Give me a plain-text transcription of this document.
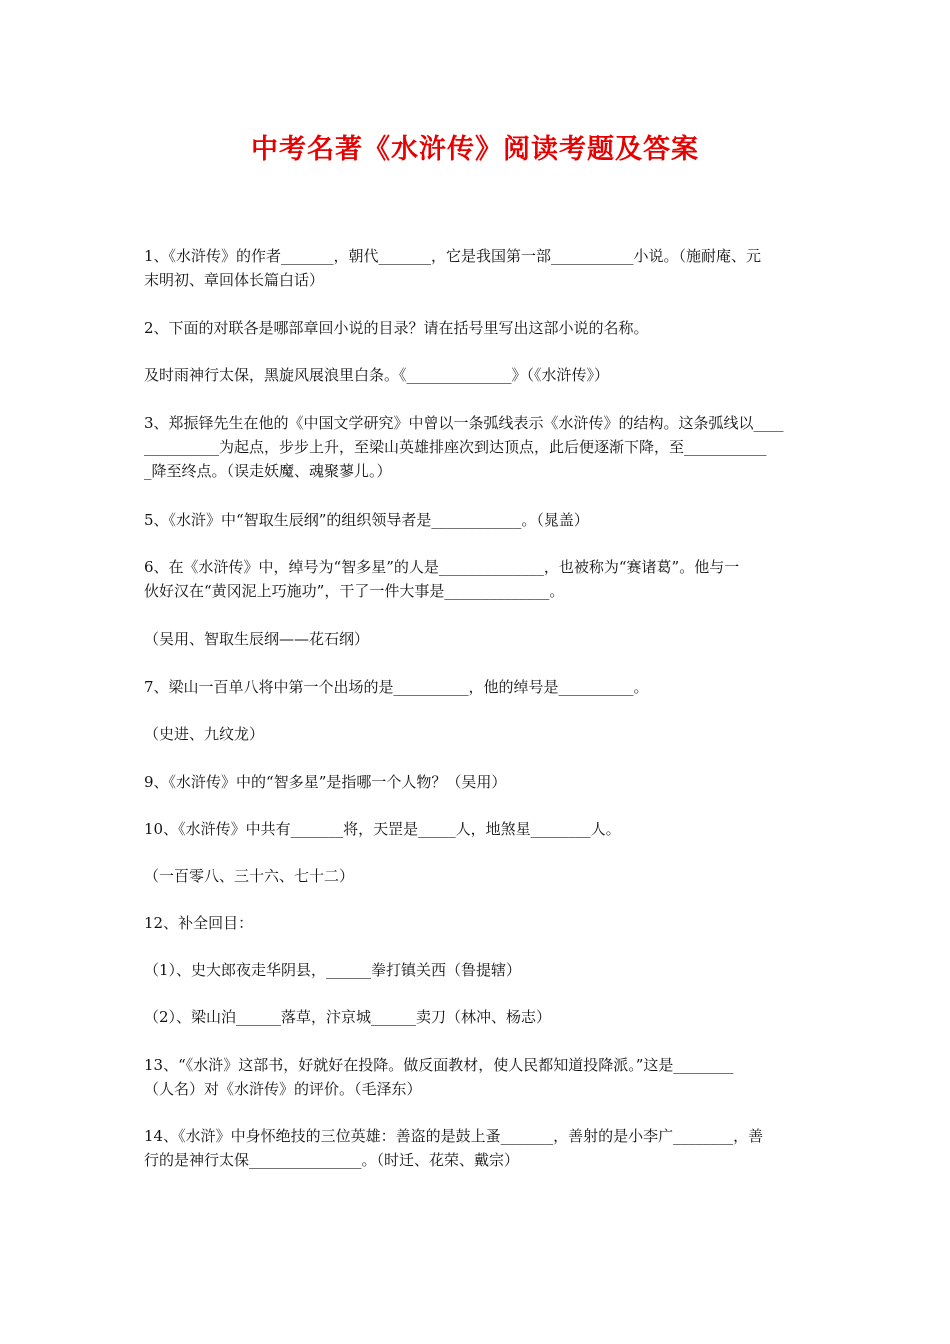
中考名著《水浒传》阅读考题及答案

1、《水浒传》的作者_______，朝代_______，它是我国第一部___________小说。（施耐庵、元
末明初、章回体长篇白话）

2、下面的对联各是哪部章回小说的目录？请在括号里写出这部小说的名称。

及时雨神行太保，黑旋风展浪里白条。《______________》（《水浒传》）

3、郑振铎先生在他的《中国文学研究》中曾以一条弧线表示《水浒传》的结构。这条弧线以____
__________为起点，步步上升，至梁山英雄排座次到达顶点，此后便逐渐下降，至___________
_降至终点。（误走妖魔、魂聚蓼儿。）

5、《水浒》中“智取生辰纲”的组织领导者是____________。（晁盖）

6、在《水浒传》中，绰号为“智多星”的人是______________，也被称为“赛诸葛”。他与一
伙好汉在“黄冈泥上巧施功”，干了一件大事是______________。

（吴用、智取生辰纲——花石纲）

7、梁山一百单八将中第一个出场的是__________，他的绰号是__________。

（史进、九纹龙）

9、《水浒传》中的“智多星”是指哪一个人物？（吴用）

10、《水浒传》中共有_______将，天罡是_____人，地煞星________人。

（一百零八、三十六、七十二）

12、补全回目：

（1）、史大郎夜走华阴县，______拳打镇关西（鲁提辖）

（2）、梁山泊______落草，汴京城______卖刀（林冲、杨志）

13、“《水浒》这部书，好就好在投降。做反面教材，使人民都知道投降派。”这是________
（人名）对《水浒传》的评价。（毛泽东）

14、《水浒》中身怀绝技的三位英雄：善盗的是鼓上蚤_______，善射的是小李广________，善
行的是神行太保_______________。（时迁、花荣、戴宗）
